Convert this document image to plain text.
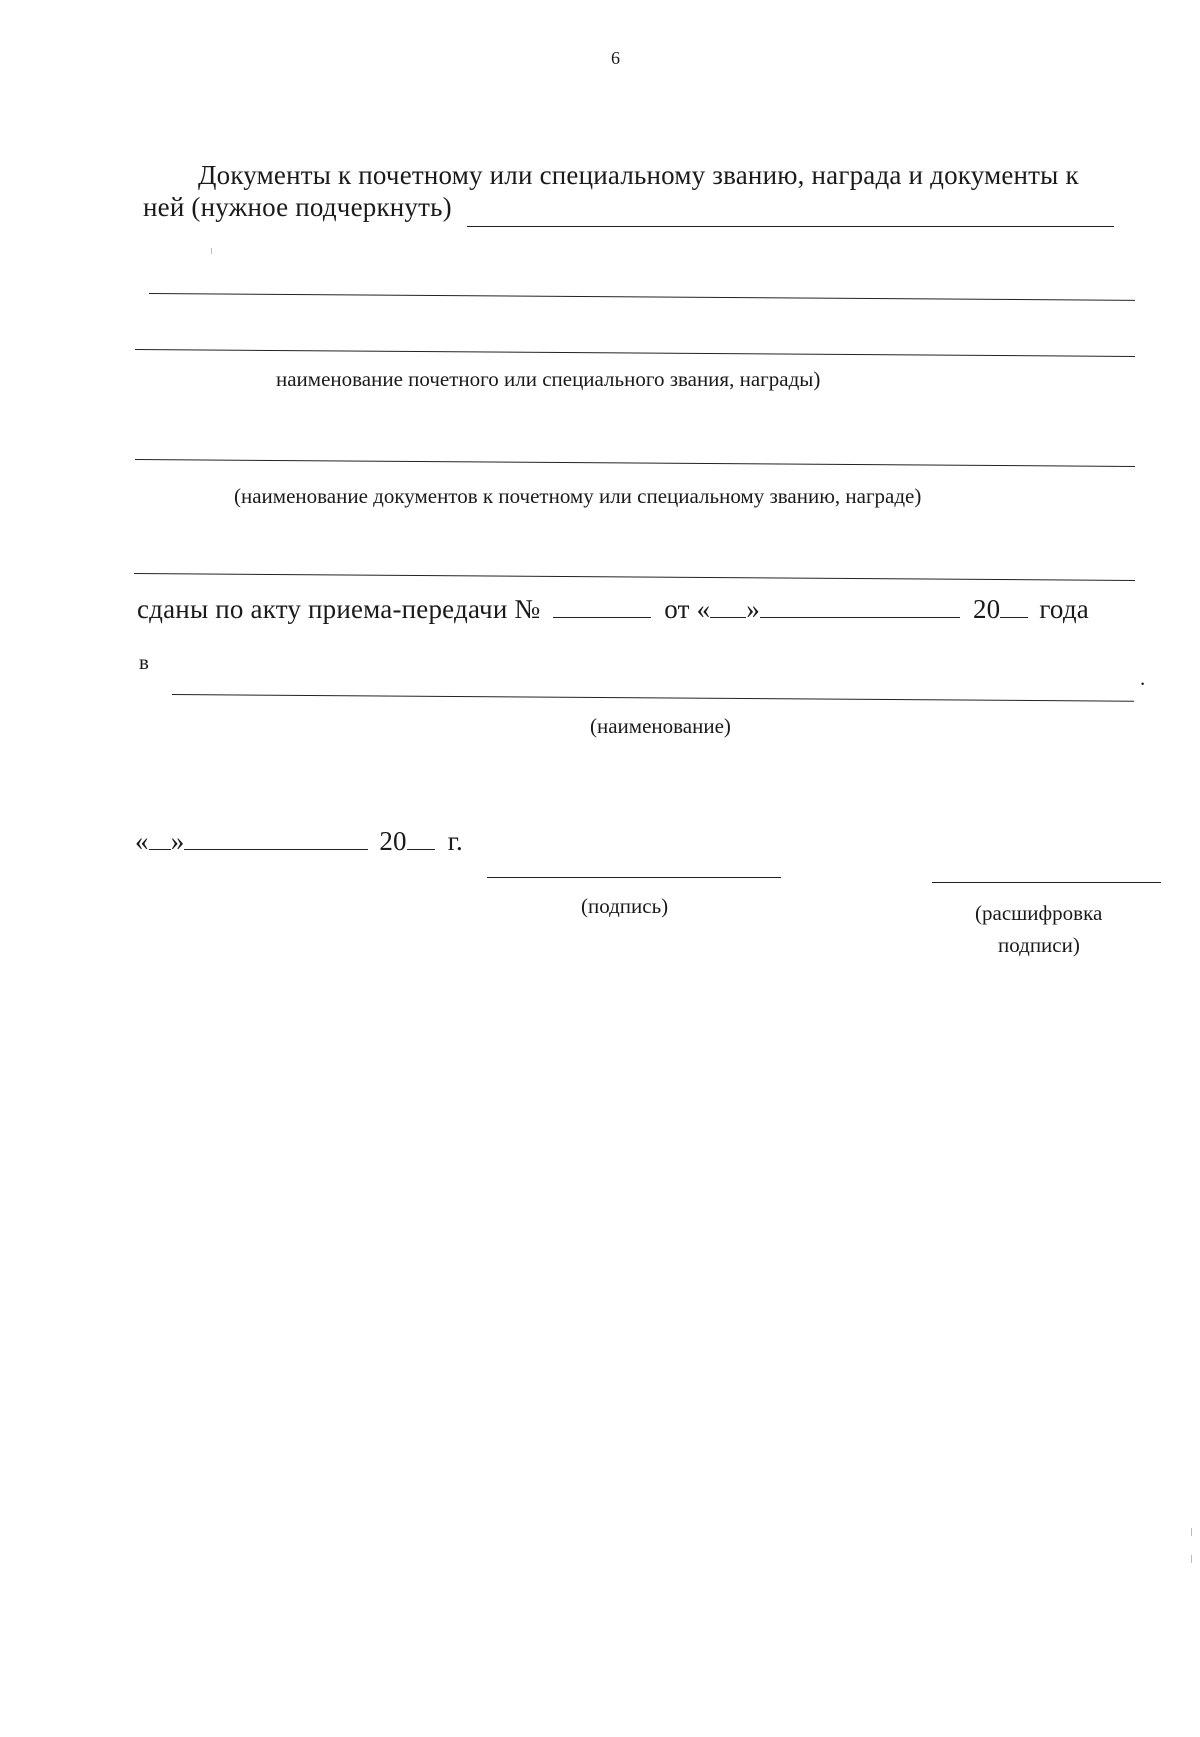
6
Документы к почетному или специальному званию, награда и документы к
ней (нужное подчеркнуть)
наименование почетного или специального звания, награды)
(наименование документов к почетному или специальному званию, награде)
сданы по акту приема-передачи №	от « »	20 года
в
.
(наименование)
« »	20 г.
(подпись)	(расшифровка
подписи)
